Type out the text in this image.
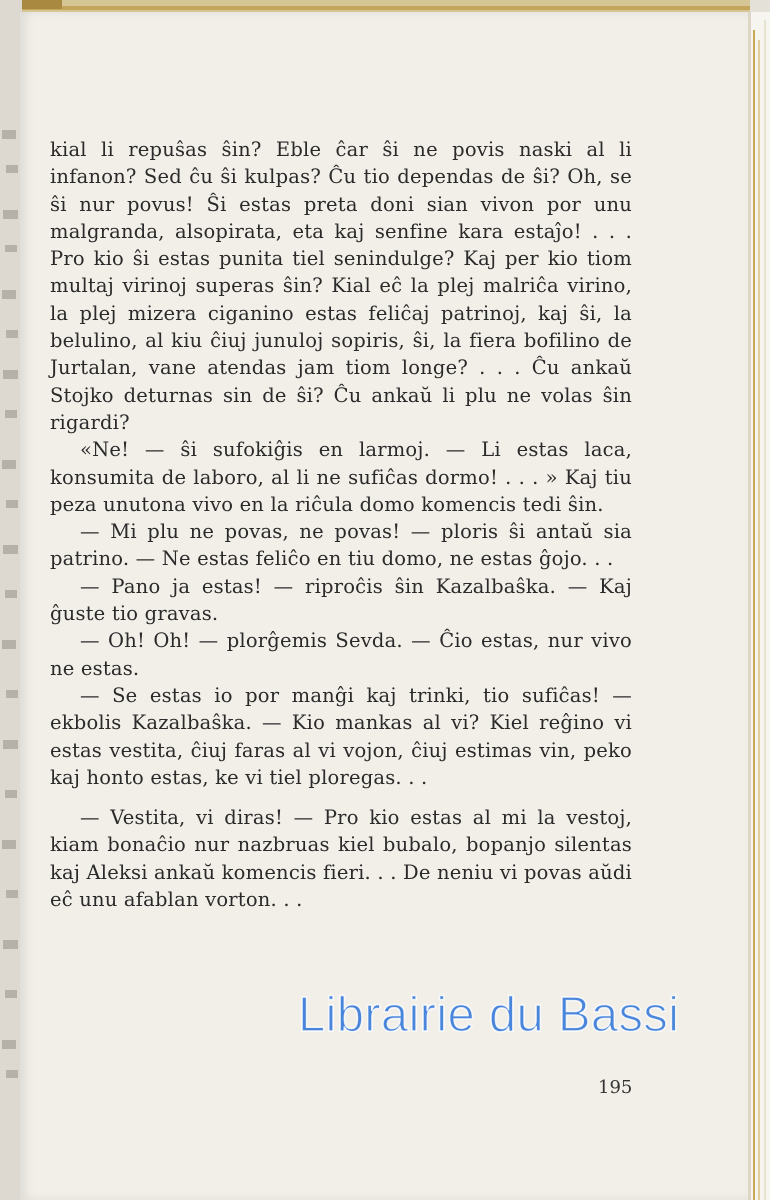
kial li repuŝas ŝin? Eble ĉar ŝi ne povis naski al li infanon? Sed ĉu ŝi kulpas? Ĉu tio dependas de ŝi? Oh, se ŝi nur povus! Ŝi estas preta doni sian vivon por unu malgranda, alsopirata, eta kaj senfine kara estaĵo! . . . Pro kio ŝi estas punita tiel senindulge? Kaj per kio tiom multaj virinoj superas ŝin? Kial eĉ la plej malriĉa virino, la plej mizera ciganino estas feliĉaj patrinoj, kaj ŝi, la belulino, al kiu ĉiuj junuloj sopiris, ŝi, la fiera bofilino de Jurtalan, vane atendas jam tiom longe? . . . Ĉu ankaŭ Stojko deturnas sin de ŝi? Ĉu ankaŭ li plu ne volas ŝin rigardi?

«Ne! — ŝi sufokiĝis en larmoj. — Li estas laca, konsumita de laboro, al li ne sufiĉas dormo! . . . » Kaj tiu peza unutona vivo en la riĉula domo komencis tedi ŝin.

— Mi plu ne povas, ne povas! — ploris ŝi antaŭ sia patrino. — Ne estas feliĉo en tiu domo, ne estas ĝojo. . .

— Pano ja estas! — riproĉis ŝin Kazalbaŝka. — Kaj ĝuste tio gravas.

— Oh! Oh! — plorĝemis Sevda. — Ĉio estas, nur vivo ne estas.

— Se estas io por manĝi kaj trinki, tio sufiĉas! — ekbolis Kazalbaŝka. — Kio mankas al vi? Kiel reĝino vi estas vestita, ĉiuj faras al vi vojon, ĉiuj estimas vin, peko kaj honto estas, ke vi tiel ploregas. . .

— Vestita, vi diras! — Pro kio estas al mi la vestoj, kiam bonaĉio nur nazbruas kiel bubalo, bopanjo silentas kaj Aleksi ankaŭ komencis fieri. . . De neniu vi povas aŭdi eĉ unu afablan vorton. . .

195
Librairie du Bassi
